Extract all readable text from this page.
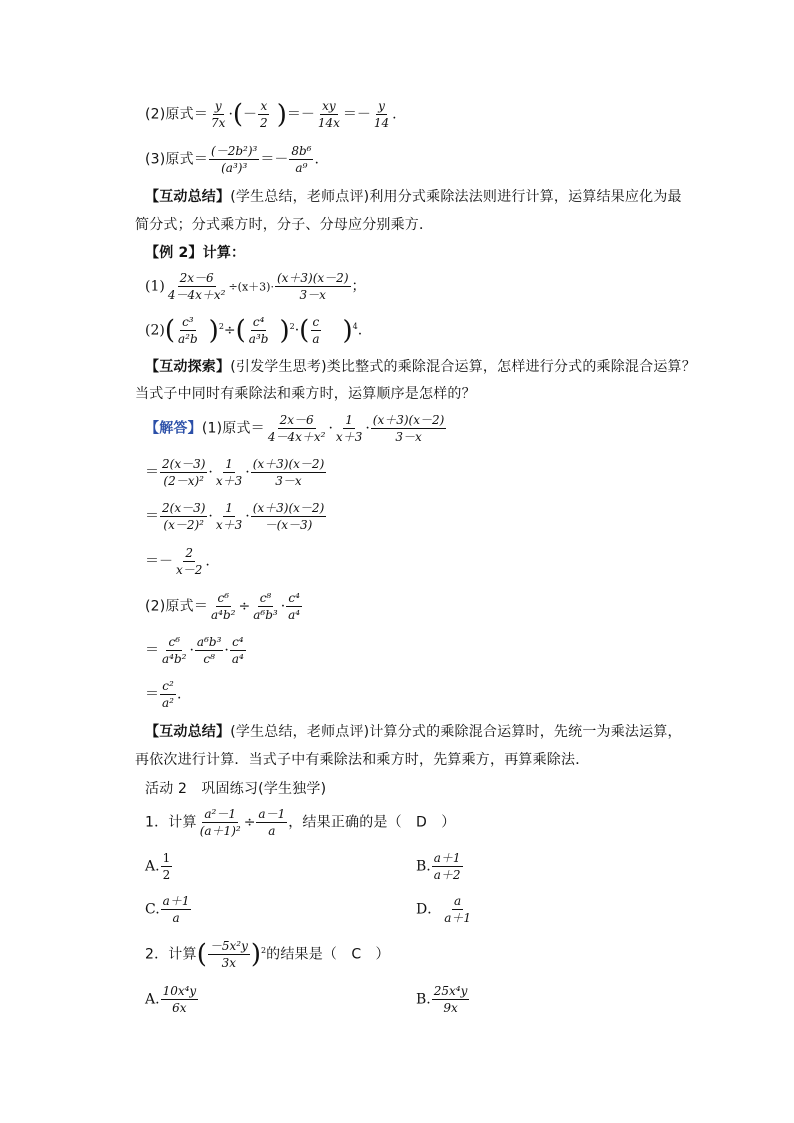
(2)原式＝ $\frac{y}{7x}$ ·(－ $\frac{x}{2}$ )＝－ $\frac{xy}{14x} =- \frac{y}{14}$ .
(3)原式＝ $\frac{\text{(－2b²)³}}{\text{(a³)³}} =- \frac{\text{8b⁶}}{\text{a⁹}}$ .
【互动总结】(学生总结，老师点评)利用分式乘除法法则进行计算，运算结果应化为最
简分式；分式乘方时，分子、分母应分别乘方．
【例 2】计算：
$(1) \frac{2x-6}{\text{4－4x＋x²}} \div(x+3)\cdot \frac{(x+3)(x-2)}{3-x}$ ；
$(2)( \frac{\text{c³}}{\text{a²b}} )^2\div( \frac{\text{c⁴}}{\text{a³b}} )^2\cdot( \frac{c}{a} )^4$.
【互动探索】(引发学生思考)类比整式的乘除混合运算，怎样进行分式的乘除混合运算？
当式子中同时有乘除法和乘方时，运算顺序是怎样的？
【解答】(1)原式＝ $\frac{2x-6}{\text{4－4x＋x²}} \cdot \frac{1}{x+3} \cdot \frac{(x+3)(x-2)}{3-x}$
＝ $\frac{2(x-3)}{\text{(2－x)²}} \cdot \frac{1}{x+3} \cdot \frac{(x+3)(x-2)}{3-x}$
＝ $\frac{2(x-3)}{\text{(x－2)²}} \cdot \frac{1}{x+3} \cdot \frac{(x+3)(x-2)}{-(x-3)}$
＝－ $\frac{2}{x-2}$ .
(2)原式＝ $\frac{\text{c⁶}}{\text{a⁴b²}} \div \frac{\text{c⁸}}{\text{a⁶b³}} \cdot \frac{\text{c⁴}}{\text{a⁴}}$
＝ $\frac{\text{c⁶}}{\text{a⁴b²}} \cdot \frac{\text{a⁶b³}}{\text{c⁸}} \cdot \frac{\text{c⁴}}{\text{a⁴}}$
＝ $\frac{\text{c²}}{\text{a²}}$ .
【互动总结】(学生总结，老师点评)计算分式的乘除混合运算时，先统一为乘法运算，
再依次进行计算．当式子中有乘除法和乘方时，先算乘方，再算乘除法．
活动 2　巩固练习(学生独学)
1．计算 $\frac{\text{a²－1}}{\text{(a＋1)²}} \div \frac{a-1}{a}$ ，结果正确的是（　D　）
A. $\frac{1}{2}$	B. $\frac{a+1}{a+2}$
C. $\frac{a+1}{a}$	D． $\frac{a}{a+1}$
2．计算( $\frac{\text{－5x²y}}{3x} )^2$的结果是（　C　）
A. $\frac{\text{10x⁴y}}{6x}$	B. $\frac{\text{25x⁴y}}{9x}$
